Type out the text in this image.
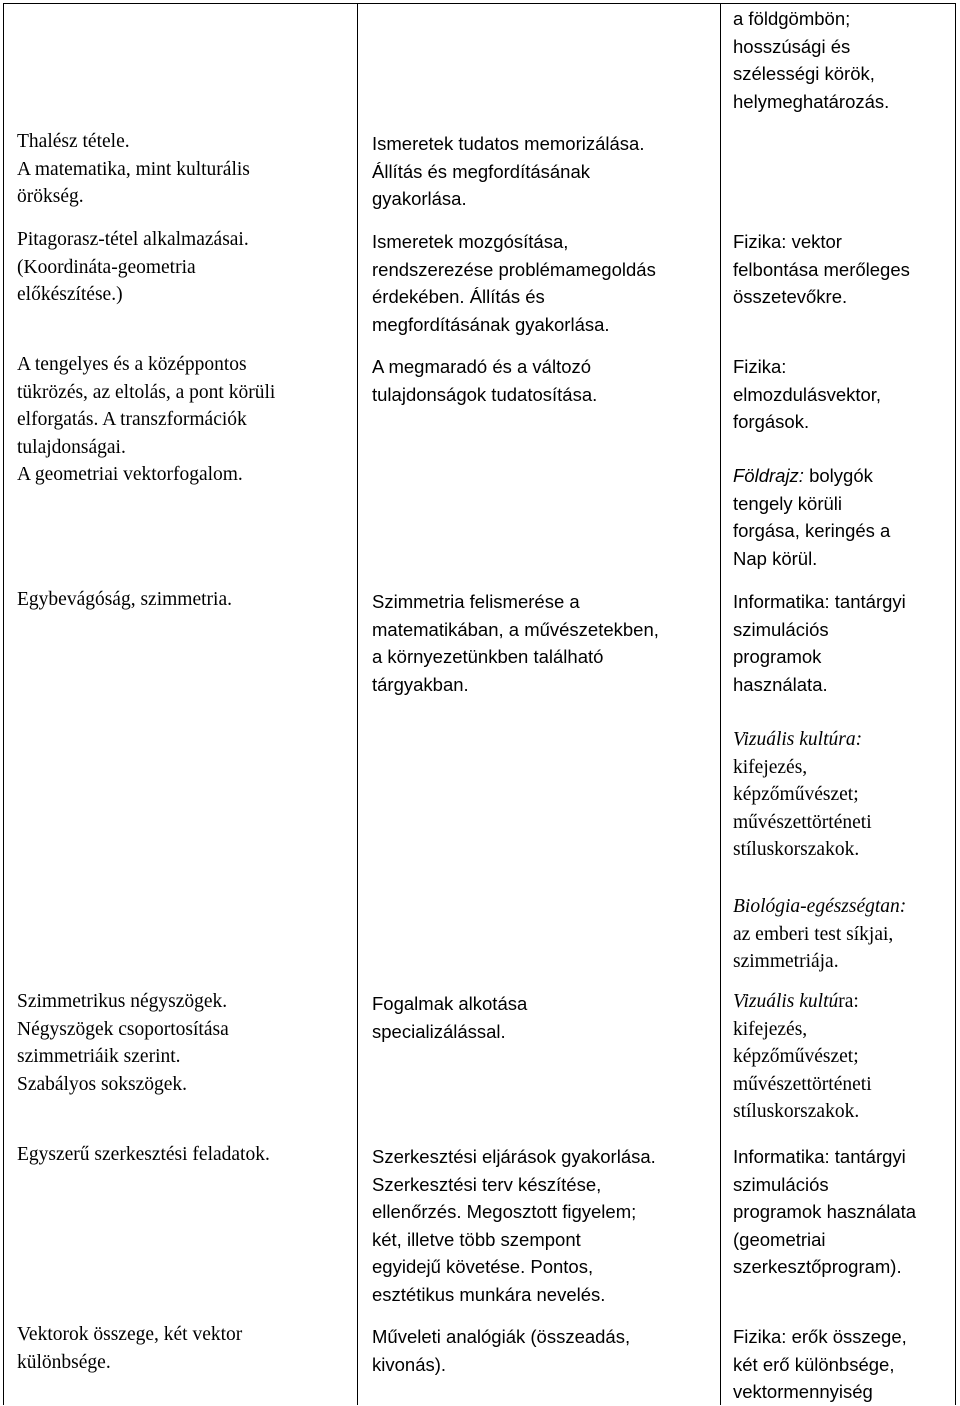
Thalész tétele.
A matematika, mint kulturális
örökség.
Pitagorasz-tétel alkalmazásai.
(Koordináta-geometria
előkészítése.)
A tengelyes és a középpontos
tükrözés, az eltolás, a pont körüli
elforgatás. A transzformációk
tulajdonságai.
A geometriai vektorfogalom.
Egybevágóság, szimmetria.
Szimmetrikus négyszögek.
Négyszögek csoportosítása
szimmetriáik szerint.
Szabályos sokszögek.
Egyszerű szerkesztési feladatok.
Vektorok összege, két vektor
különbsége.
Ismeretek tudatos memorizálása.
Állítás és megfordításának
gyakorlása.
Ismeretek mozgósítása,
rendszerezése problémamegoldás
érdekében. Állítás és
megfordításának gyakorlása.
A megmaradó és a változó
tulajdonságok tudatosítása.
Szimmetria felismerése a
matematikában, a művészetekben,
a környezetünkben található
tárgyakban.
Fogalmak alkotása
specializálással.
Szerkesztési eljárások gyakorlása.
Szerkesztési terv készítése,
ellenőrzés. Megosztott figyelem;
két, illetve több szempont
egyidejű követése. Pontos,
esztétikus munkára nevelés.
Műveleti analógiák (összeadás,
kivonás).
a földgömbön;
hosszúsági és
szélességi körök,
helymeghatározás.
Fizika: vektor
felbontása merőleges
összetevőkre.
Fizika:
elmozdulásvektor,
forgások.
Földrajz: bolygók
tengely körüli
forgása, keringés a
Nap körül.
Informatika: tantárgyi
szimulációs
programok
használata.
Vizuális kultúra:
kifejezés,
képzőművészet;
művészettörténeti
stíluskorszakok.
Biológia-egészségtan:
az emberi test síkjai,
szimmetriája.
Vizuális kultúra:
kifejezés,
képzőművészet;
művészettörténeti
stíluskorszakok.
Informatika: tantárgyi
szimulációs
programok használata
(geometriai
szerkesztőprogram).
Fizika: erők összege,
két erő különbsége,
vektormennyiség
